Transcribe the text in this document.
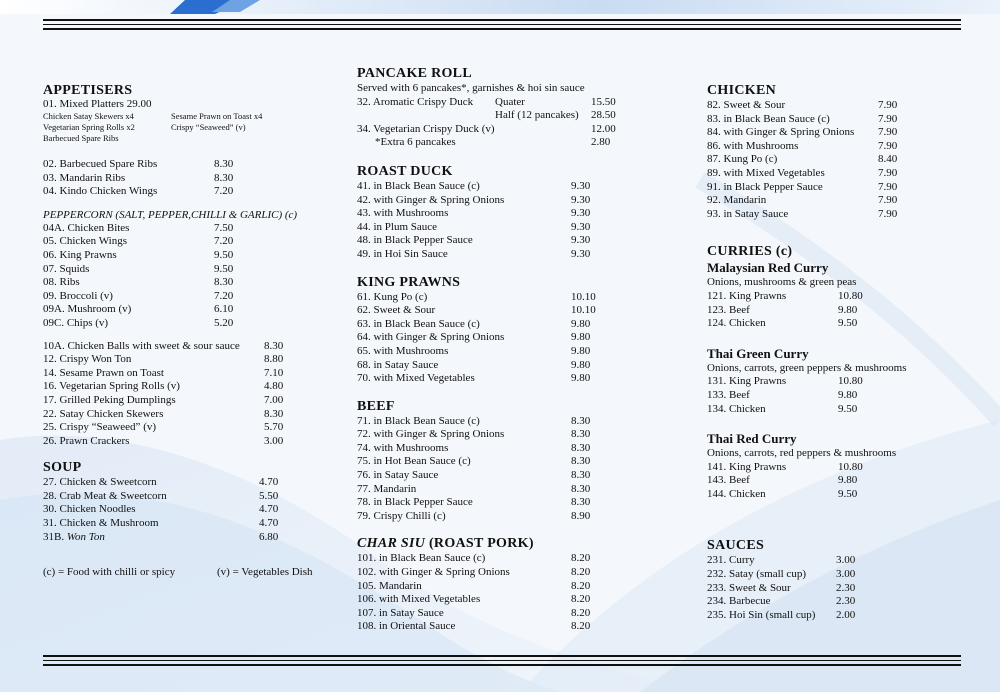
APPETISERS
01. Mixed Platters 29.00
Chicken Satay Skewers x4
Vegetarian Spring Rolls x2
Barbecued Spare Ribs
Sesame Prawn on Toast x4
Crispy “Seaweed” (v)
02. Barbecued Spare Ribs	8.30
03. Mandarin Ribs	8.30
04. Kindo Chicken Wings	7.20
PEPPERCORN (SALT, PEPPER,CHILLI & GARLIC) (c)
04A. Chicken Bites	7.50
05. Chicken Wings	7.20
06. King Prawns	9.50
07. Squids	9.50
08. Ribs	8.30
09. Broccoli (v)	7.20
09A. Mushroom (v)	6.10
09C. Chips (v)	5.20
10A. Chicken Balls with sweet & sour sauce 8.30
12. Crispy Won Ton	8.80
14. Sesame Prawn on Toast	7.10
16. Vegetarian Spring Rolls (v)	4.80
17. Grilled Peking Dumplings	7.00
22. Satay Chicken Skewers	8.30
25. Crispy “Seaweed” (v)	5.70
26. Prawn Crackers	3.00
SOUP
27. Chicken & Sweetcorn	4.70
28. Crab Meat & Sweetcorn	5.50
30. Chicken Noodles	4.70
31. Chicken & Mushroom	4.70
31B. Won Ton	6.80
(c) = Food with chilli or spicy	(v) = Vegetables Dish
PANCAKE ROLL
Served with 6 pancakes*, garnishes & hoi sin sauce
32. Aromatic Crispy Duck Quater	15.50
Half (12 pancakes) 28.50
34. Vegetarian Crispy Duck (v)	12.00
*Extra 6 pancakes	2.80
ROAST DUCK
41. in Black Bean Sauce (c)	9.30
42. with Ginger & Spring Onions	9.30
43. with Mushrooms	9.30
44. in Plum Sauce	9.30
48. in Black Pepper Sauce	9.30
49. in Hoi Sin Sauce	9.30
KING PRAWNS
61. Kung Po (c)	10.10
62. Sweet & Sour	10.10
63. in Black Bean Sauce (c)	9.80
64. with Ginger & Spring Onions	9.80
65. with Mushrooms	9.80
68. in Satay Sauce	9.80
70. with Mixed Vegetables	9.80
BEEF
71. in Black Bean Sauce (c)	8.30
72. with Ginger & Spring Onions	8.30
74. with Mushrooms	8.30
75. in Hot Bean Sauce (c)	8.30
76. in Satay Sauce	8.30
77. Mandarin	8.30
78. in Black Pepper Sauce	8.30
79. Crispy Chilli (c)	8.90
CHAR SIU (ROAST PORK)
101. in Black Bean Sauce (c)	8.20
102. with Ginger & Spring Onions	8.20
105. Mandarin	8.20
106. with Mixed Vegetables	8.20
107. in Satay Sauce	8.20
108. in Oriental Sauce	8.20
CHICKEN
82. Sweet & Sour	7.90
83. in Black Bean Sauce (c)	7.90
84. with Ginger & Spring Onions 7.90
86. with Mushrooms	7.90
87. Kung Po (c)	8.40
89. with Mixed Vegetables	7.90
91. in Black Pepper Sauce	7.90
92. Mandarin	7.90
93. in Satay Sauce	7.90
CURRIES (c)
Malaysian Red Curry
Onions, mushrooms & green peas
121. King Prawns	10.80
123. Beef	9.80
124. Chicken	9.50
Thai Green Curry
Onions, carrots, green peppers & mushrooms
131. King Prawns	10.80
133. Beef	9.80
134. Chicken	9.50
Thai Red Curry
Onions, carrots, red peppers & mushrooms
141. King Prawns	10.80
143. Beef	9.80
144. Chicken	9.50
SAUCES
231. Curry	3.00
232. Satay (small cup)	3.00
233. Sweet & Sour	2.30
234. Barbecue	2.30
235. Hoi Sin (small cup) 2.00
